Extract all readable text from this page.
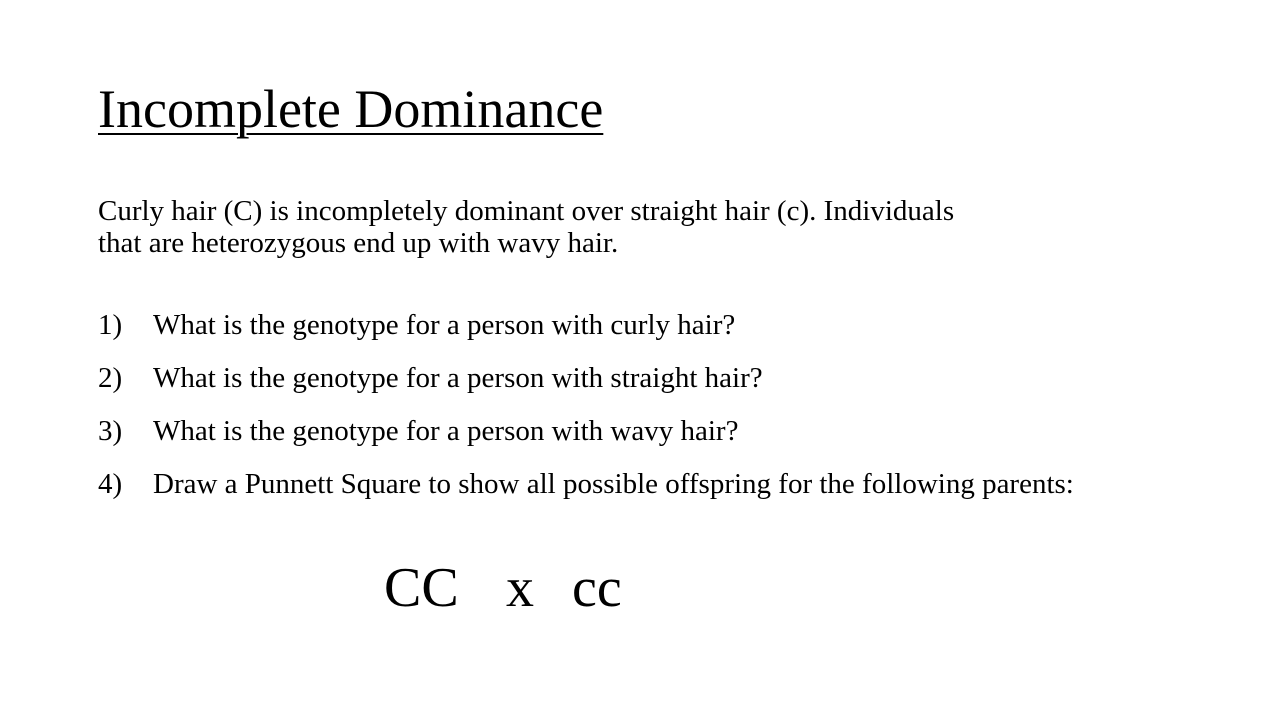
Incomplete Dominance

Curly hair (C) is incompletely dominant over straight hair (c). Individuals
that are heterozygous end up with wavy hair.

1) What is the genotype for a person with curly hair?
2) What is the genotype for a person with straight hair?
3) What is the genotype for a person with wavy hair?
4) Draw a Punnett Square to show all possible offspring for the following parents:

CC x cc
